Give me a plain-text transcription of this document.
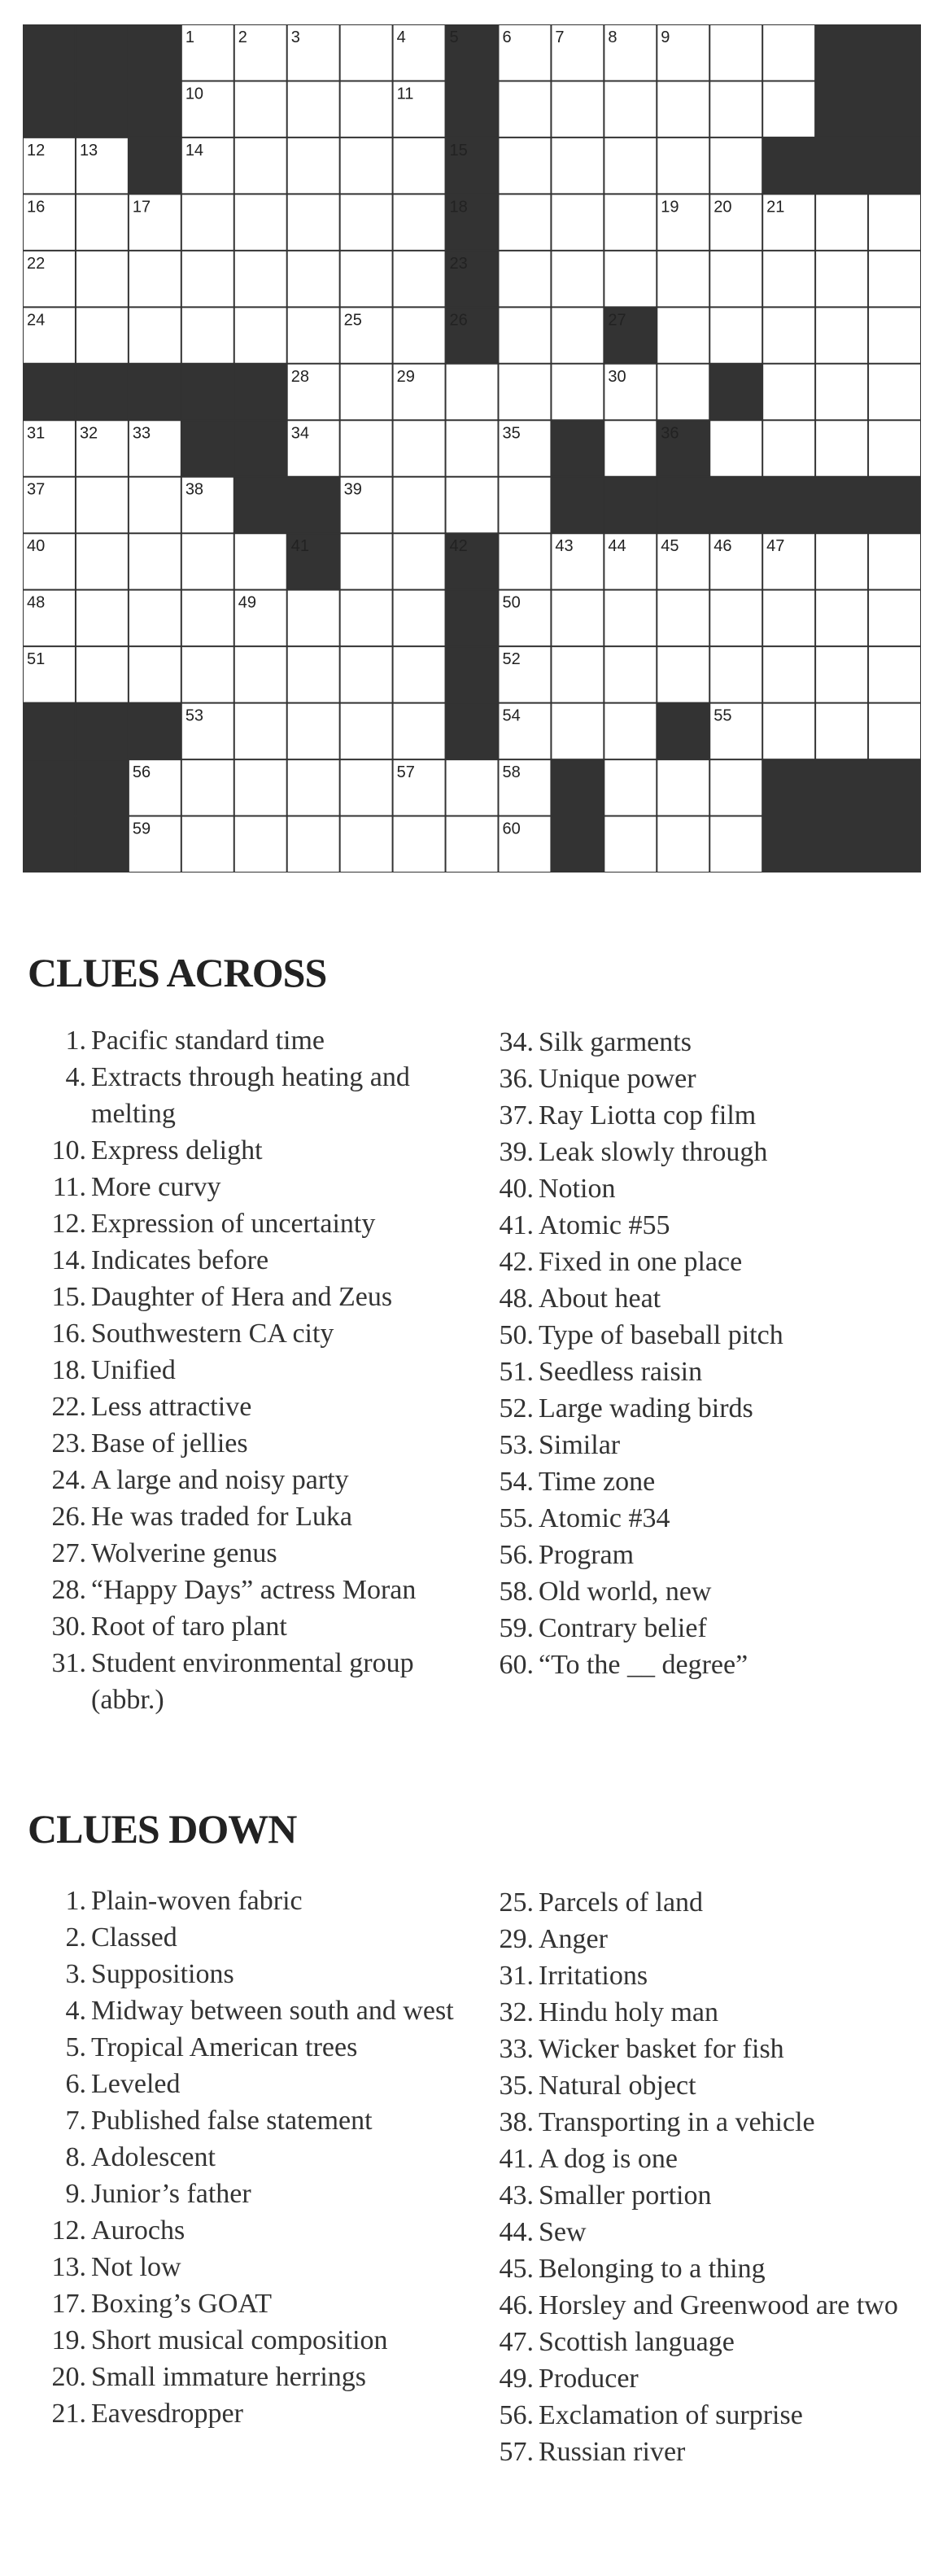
1	2	3	4	5	6	7	8	9
10	11
12 13	14	15
16	17	18	19 20 21
22	23
24	25	26	27
28	29	30
31 32 33	34	35	36
37	38	39
40	41	42	43 44 45 46 47
48	49	50
51	52
53	54	55
56	57	58
59	60
CLUES ACROSS
1. Pacific standard time
4. Extracts through heating and melting
10. Express delight
11. More curvy
12. Expression of uncertainty
14. Indicates before
15. Daughter of Hera and Zeus
16. Southwestern CA city
18. Unified
22. Less attractive
23. Base of jellies
24. A large and noisy party
26. He was traded for Luka
27. Wolverine genus
28. “Happy Days” actress Moran
30. Root of taro plant
31. Student environmental group (abbr.)
34. Silk garments
36. Unique power
37. Ray Liotta cop film
39. Leak slowly through
40. Notion
41. Atomic #55
42. Fixed in one place
48. About heat
50. Type of baseball pitch
51. Seedless raisin
52. Large wading birds
53. Similar
54. Time zone
55. Atomic #34
56. Program
58. Old world, new
59. Contrary belief
60. “To the __ degree”
CLUES DOWN
1. Plain-woven fabric
2. Classed
3. Suppositions
4. Midway between south and west
5. Tropical American trees
6. Leveled
7. Published false statement
8. Adolescent
9. Junior’s father
12. Aurochs
13. Not low
17. Boxing’s GOAT
19. Short musical composition
20. Small immature herrings
21. Eavesdropper
25. Parcels of land
29. Anger
31. Irritations
32. Hindu holy man
33. Wicker basket for fish
35. Natural object
38. Transporting in a vehicle
41. A dog is one
43. Smaller portion
44. Sew
45. Belonging to a thing
46. Horsley and Greenwood are two
47. Scottish language
49. Producer
56. Exclamation of surprise
57. Russian river
